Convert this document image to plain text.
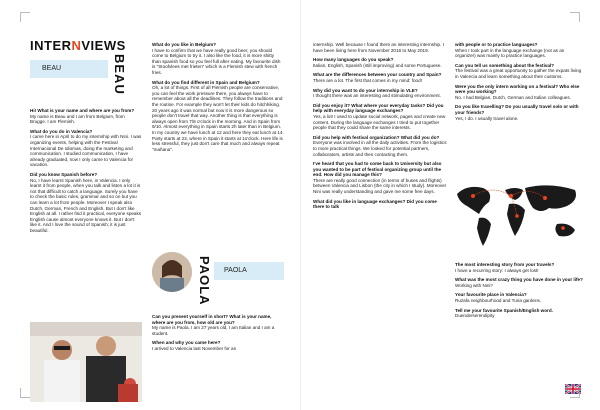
INTERNVIEWS
BEAU	BEAU

Hi! What is your name and where are you from?
My name is Beau and I am from Belgium, from Brugge. I am Flemish.

What do you do in Valencia?
I came here in April to do my internship with Nini. I was organizing events, helping with the Festival Internacional De Idiomas, doing the marketing and communication. I studied communication, I have already graduated, now I only came to Valencia for vacation.

Did you know Spanish before?
No, I have learnt Spanish here, in Valencia. I only learnt it from people, when you talk and listen a lot it is not that difficult to catch a language. Surely you have to check the basic rules, grammar and so on but you can learn a lot from people. Moreover I speak also Dutch, German, French and English. But I don't like English at all. I rather find it practical, everyone speaks English cause almost everyone knows it. But I don't like it. And I love the sound of Spanish; it is just beautiful.

What do you like in Belgium?
I have to confirm that we have really good beer, you should come to Belgium to try it. I also like the food, it is more shitty than spanish food so you feel full after eating. My favourite dish is "Stoofvlees met frieten" which is a Flemish stew with french fries.

What do you find different in Spain and Belgium?
Oh, a lot of things. First of all Flemish people are conservative, you can feel the work pressure there, you always have to remember about all the deadlines. They follow the traditions and the routine. For example they won't let their kids do hitchhiking. 20 years ago it was normal but now it is more dangerous so people don't travel that way. Another thing is that everything is always open from 7/8 o'clock in the morning. And in Spain from 9/10. Almost everything in Spain starts 2h later than in Belgium. In my country we have lunch at 12 and here they eat lunch at 14. Party starts at 23, where in Spain it starts at 1o'clock. Here life is less stressful, they just don't care that much and always repeat "mañana".

PAOLA PAOLA

Can you present yourself in short? What is your name, where are you from, how old are you?
My name is Paola. I am 27 years old, I am Italian and I am a student.

When and why you came here?
I arrived to Valencia last November for an

internship. Well because I found there an interesting internship. I have been living here from November 2018 to May 2019.

How many languages do you speak?
Italian, English, Spanish (still improving) and some Portuguese.

What are the differences between your country and Spain?
There are a lot. The first that comes in my mind: food!

Why did you want to do your internship in VLE?
I thought there was an interesting and stimulating environment.

Did you enjoy it? What where your everyday tasks? Did you help with everyday language exchanges?
Yes, a lot! I used to update social network, pages and create new content. During the language exchanges I tried to put together people that they could share the same interests.

Did you help with festival organization? What did you do?
Everyone was involved in all the daily activities. From the logistics to more practical things. We looked for potential partners, collaborators, artists and then contacting them.

I've heard that you had to come back to University but also you wanted to be part of festival organizing group until the end. How did you manage this?
There are really good connection (in terms of buses and flights) between Valencia and Lisbon (the city in which I study). Moreover Nini was really understanding and gave me some free days.

What did you like in language exchanges? Did you come there to talk

with people or to practice languages?
When I took part in the language exchange (not as an organizer) was mainly to practice languages.

Can you tell us something about the festival?
The festival was a great opportunity to gather the expats living in Valencia and learn something about their customs.

Were you the only intern working on a festival? Who else were you working?
No. I had Belgian, Dutch, German and Italian colleagues.

Do you like travelling? Do you usually travel solo or with your friends?
Yes, I do. I usually travel alone.

The most interesting story from your travels?
I have a recurring story: I always get lost!

What was the most crazy thing you have done in your life?
Working with Nini?

Your favourite place in Valencia?
Ruzafa neighbourhood and Turia gardens.

Tell me your favourite Spanish/English word.
Duende/serendipity
